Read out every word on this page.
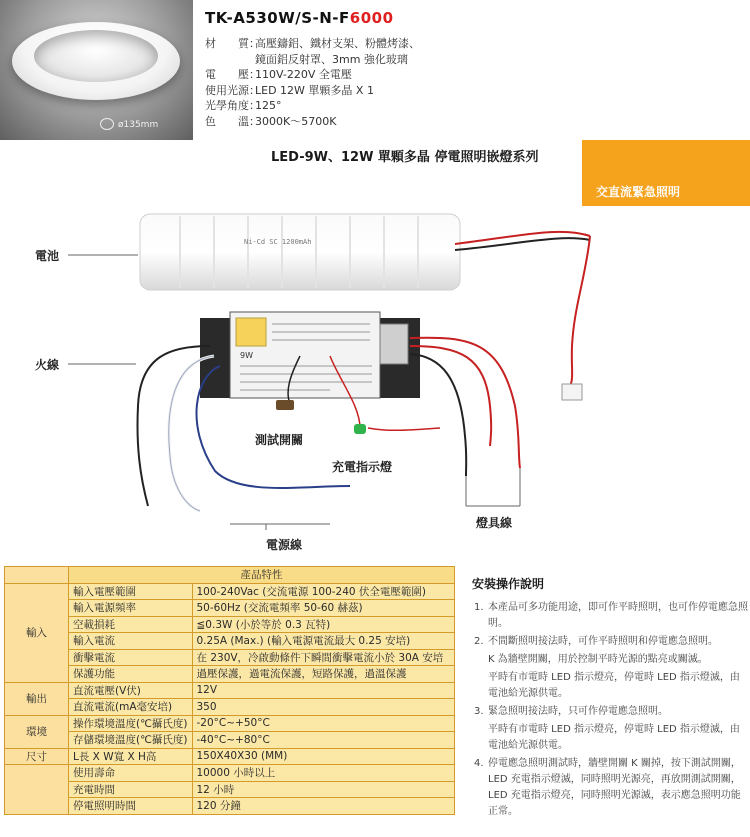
ø135mm
TK-A530W/S-N-F6000
材　　質：
高壓鑄鋁、鐵材支架、粉體烤漆、
鏡面鋁反射罩、3mm 強化玻璃
電　　壓：
110V-220V 全電壓
使用光源：
LED 12W 單顆多晶 X 1
光學角度：
125°
色　　溫：
3000K～5700K
LED-9W、12W 單顆多晶 停電照明嵌燈系列
交直流緊急照明
Ni-Cd SC 1200mAh
9W
電池
火線
測試開關
充電指示燈
燈具線
電源線
	產品特性	
輸入	輸入電壓範圍	100-240Vac (交流電源 100-240 伏全電壓範圍)
	輸入電源頻率	50-60Hz (交流電頻率 50-60 赫茲)
	空載損耗	≦0.3W (小於等於 0.3 瓦特)
	輸入電流	0.25A (Max.) (輸入電源電流最大 0.25 安培)
	衝擊電流	在 230V，冷啟動條件下瞬間衝擊電流小於 30A 安培
	保護功能	過壓保護，過電流保護，短路保護，過溫保護
輸出	直流電壓(V伏)	12V
	直流電流(mA毫安培)	350
環境	操作環境溫度(℃攝氏度)	-20°C~+50°C
	存儲環境溫度(℃攝氏度)	-40°C~+80°C
尺寸	L長 X W寬 X H高	150X40X30 (MM)
	使用壽命	10000 小時以上
	充電時間	12 小時
	停電照明時間	120 分鐘
安裝操作說明
1. 本產品可多功能用途，即可作平時照明，也可作停電應急照明。
2. 不間斷照明接法時，可作平時照明和停電應急照明。
K 為牆壁開關，用於控制平時光源的點亮或關滅。
平時有市電時 LED 指示燈亮，停電時 LED 指示燈滅，由電池給光源供電。
3. 緊急照明接法時，只可作停電應急照明。
平時有市電時 LED 指示燈亮，停電時 LED 指示燈滅，由電池給光源供電。
4. 停電應急照明測試時，牆壁開關 K 關掉，按下測試開關，LED 充電指示燈滅，同時照明光源亮，再放開測試開關，LED 充電指示燈亮，同時照明光源滅，表示應急照明功能正常。
